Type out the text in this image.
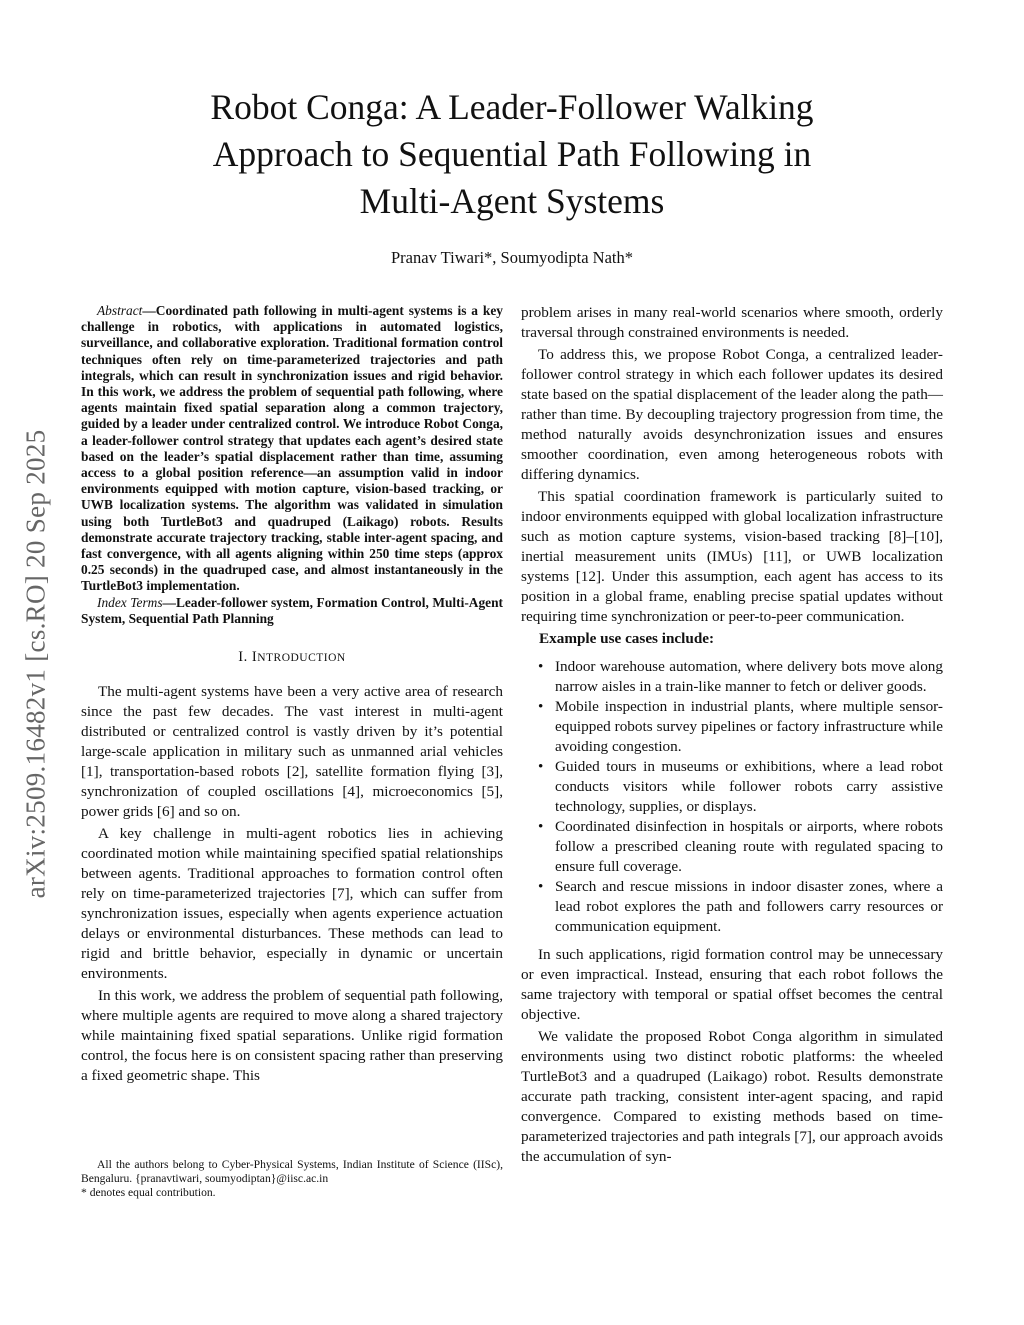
arXiv:2509.16482v1 [cs.RO] 20 Sep 2025
Robot Conga: A Leader-Follower Walking
Approach to Sequential Path Following in
Multi-Agent Systems
Pranav Tiwari*, Soumyodipta Nath*

Abstract—Coordinated path following in multi-agent systems is a key challenge in robotics, with applications in automated logistics, surveillance, and collaborative exploration. Traditional formation control techniques often rely on time-parameterized trajectories and path integrals, which can result in synchronization issues and rigid behavior. In this work, we address the problem of sequential path following, where agents maintain fixed spatial separation along a common trajectory, guided by a leader under centralized control. We introduce Robot Conga, a leader-follower control strategy that updates each agent’s desired state based on the leader’s spatial displacement rather than time, assuming access to a global position reference—an assumption valid in indoor environments equipped with motion capture, vision-based tracking, or UWB localization systems. The algorithm was validated in simulation using both TurtleBot3 and quadruped (Laikago) robots. Results demonstrate accurate trajectory tracking, stable inter-agent spacing, and fast convergence, with all agents aligning within 250 time steps (approx 0.25 seconds) in the quadruped case, and almost instantaneously in the TurtleBot3 implementation.

Index Terms—Leader-follower system, Formation Control, Multi-Agent System, Sequential Path Planning

I. INTRODUCTION

The multi-agent systems have been a very active area of research since the past few decades. The vast interest in multi-agent distributed or centralized control is vastly driven by it’s potential large-scale application in military such as unmanned arial vehicles [1], transportation-based robots [2], satellite formation flying [3], synchronization of coupled oscillations [4], microeconomics [5], power grids [6] and so on.

A key challenge in multi-agent robotics lies in achieving coordinated motion while maintaining specified spatial relationships between agents. Traditional approaches to formation control often rely on time-parameterized trajectories [7], which can suffer from synchronization issues, especially when agents experience actuation delays or environmental disturbances. These methods can lead to rigid and brittle behavior, especially in dynamic or uncertain environments.

In this work, we address the problem of sequential path following, where multiple agents are required to move along a shared trajectory while maintaining fixed spatial separations. Unlike rigid formation control, the focus here is on consistent spacing rather than preserving a fixed geometric shape. This

All the authors belong to Cyber-Physical Systems, Indian Institute of Science (IISc), Bengaluru. {pranavtiwari, soumyodiptan}@iisc.ac.in

* denotes equal contribution.

problem arises in many real-world scenarios where smooth, orderly traversal through constrained environments is needed.

To address this, we propose Robot Conga, a centralized leader-follower control strategy in which each follower updates its desired state based on the spatial displacement of the leader along the path—rather than time. By decoupling trajectory progression from time, the method naturally avoids desynchronization issues and ensures smoother coordination, even among heterogeneous robots with differing dynamics.

This spatial coordination framework is particularly suited to indoor environments equipped with global localization infrastructure such as motion capture systems, vision-based tracking [8]–[10], inertial measurement units (IMUs) [11], or UWB localization systems [12]. Under this assumption, each agent has access to its position in a global frame, enabling precise spatial updates without requiring time synchronization or peer-to-peer communication.

Example use cases include:
• Indoor warehouse automation, where delivery bots move along narrow aisles in a train-like manner to fetch or deliver goods.
• Mobile inspection in industrial plants, where multiple sensor-equipped robots survey pipelines or factory infrastructure while avoiding congestion.
• Guided tours in museums or exhibitions, where a lead robot conducts visitors while follower robots carry assistive technology, supplies, or displays.
• Coordinated disinfection in hospitals or airports, where robots follow a prescribed cleaning route with regulated spacing to ensure full coverage.
• Search and rescue missions in indoor disaster zones, where a lead robot explores the path and followers carry resources or communication equipment.

In such applications, rigid formation control may be unnecessary or even impractical. Instead, ensuring that each robot follows the same trajectory with temporal or spatial offset becomes the central objective.

We validate the proposed Robot Conga algorithm in simulated environments using two distinct robotic platforms: the wheeled TurtleBot3 and a quadruped (Laikago) robot. Results demonstrate accurate path tracking, consistent inter-agent spacing, and rapid convergence. Compared to existing methods based on time-parameterized trajectories and path integrals [7], our approach avoids the accumulation of syn-
